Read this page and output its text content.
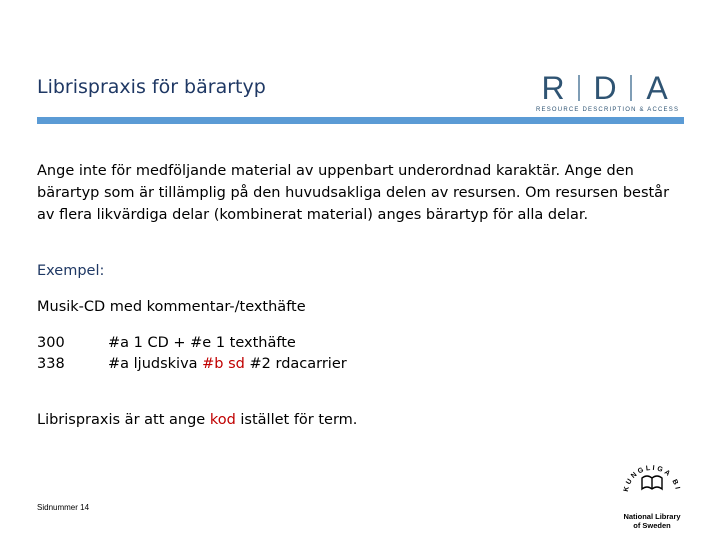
Librispraxis för bärartyp	R D A
RESOURCE DESCRIPTION & ACCESS

Ange inte för medföljande material av uppenbart underordnad karaktär. Ange den bärartyp som är tillämplig på den huvudsakliga delen av resursen. Om resursen består av flera likvärdiga delar (kombinerat material) anges bärartyp för alla delar.

Exempel:
Musik-CD med kommentar-/texthäfte
300	#a 1 CD + #e 1 texthäfte
338	#a ljudskiva #b sd #2 rdacarrier
Librispraxis är att ange kod istället för term.
Sidnummer 14
KUNGLIGA BI
National Library
of Sweden
